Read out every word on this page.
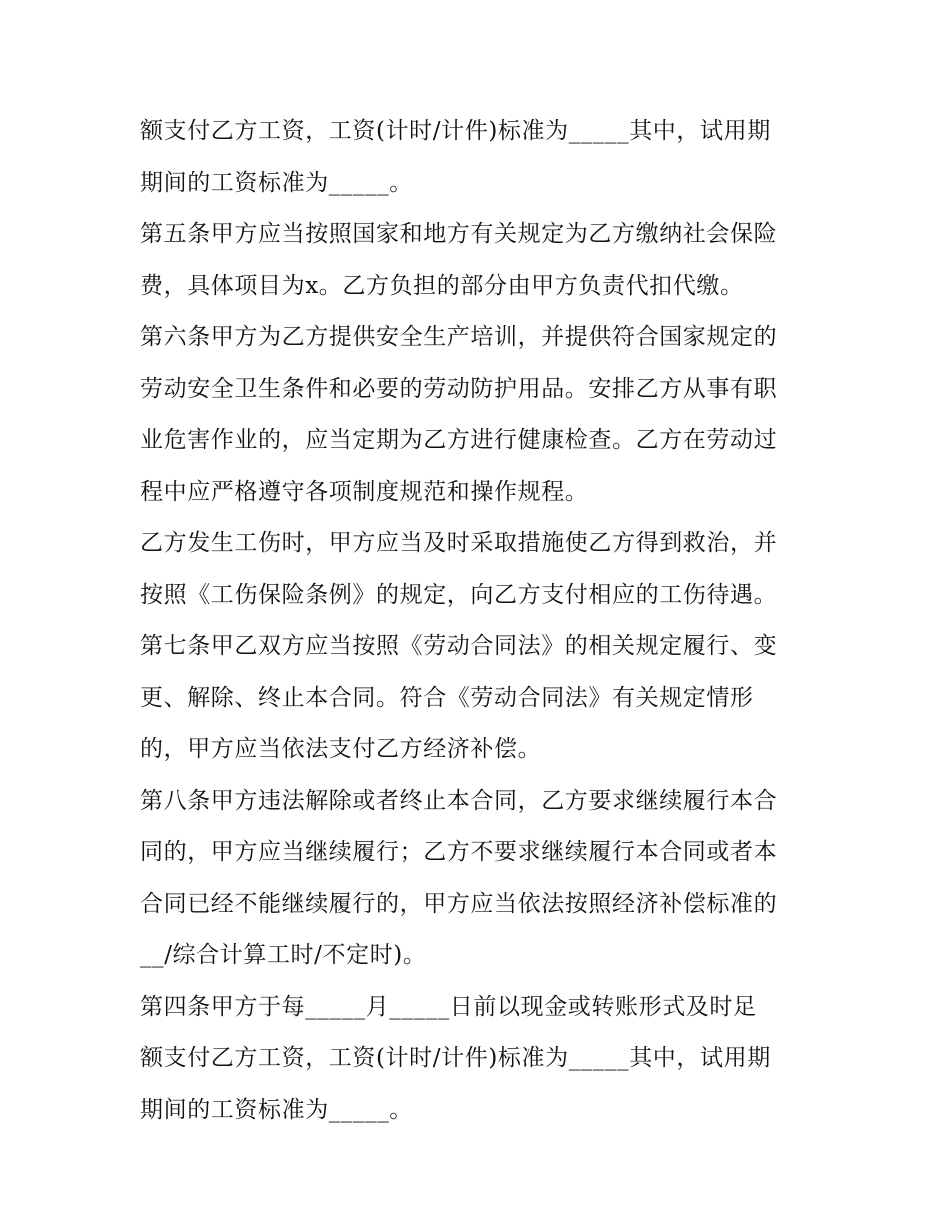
额支付乙方工资，工资(计时/计件)标准为_____其中，试用期
期间的工资标准为_____。
第五条甲方应当按照国家和地方有关规定为乙方缴纳社会保险
费，具体项目为x。乙方负担的部分由甲方负责代扣代缴。
第六条甲方为乙方提供安全生产培训，并提供符合国家规定的
劳动安全卫生条件和必要的劳动防护用品。安排乙方从事有职
业危害作业的，应当定期为乙方进行健康检查。乙方在劳动过
程中应严格遵守各项制度规范和操作规程。
乙方发生工伤时，甲方应当及时采取措施使乙方得到救治，并
按照《工伤保险条例》的规定，向乙方支付相应的工伤待遇。
第七条甲乙双方应当按照《劳动合同法》的相关规定履行、变
更、解除、终止本合同。符合《劳动合同法》有关规定情形
的，甲方应当依法支付乙方经济补偿。
第八条甲方违法解除或者终止本合同，乙方要求继续履行本合
同的，甲方应当继续履行；乙方不要求继续履行本合同或者本
合同已经不能继续履行的，甲方应当依法按照经济补偿标准的
__/综合计算工时/不定时)。
第四条甲方于每_____月_____日前以现金或转账形式及时足
额支付乙方工资，工资(计时/计件)标准为_____其中，试用期
期间的工资标准为_____。
